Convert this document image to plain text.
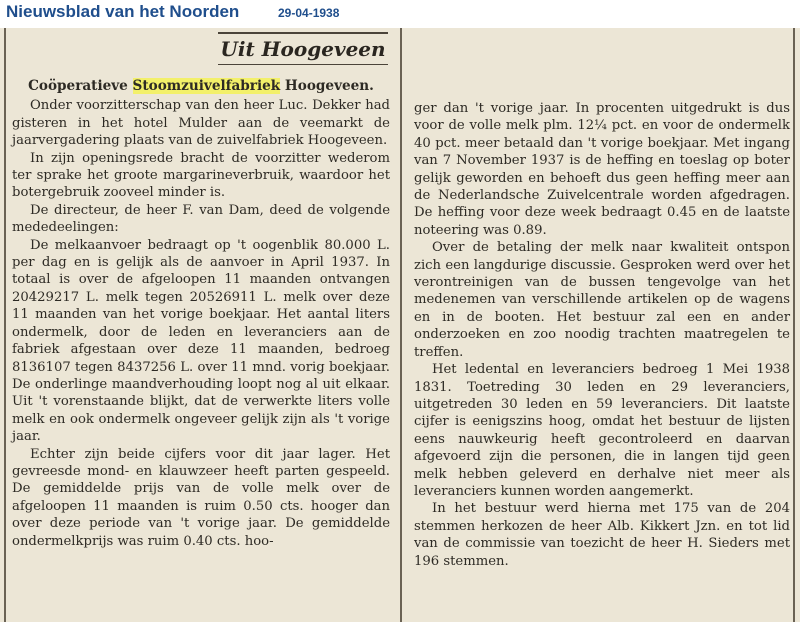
Nieuwsblad van het Noorden	29-04-1938
Uit Hoogeveen
Coöperatieve Stoomzuivelfabriek Hoogeveen.

Onder voorzitterschap van den heer Luc. Dekker had gisteren in het hotel Mulder aan de veemarkt de jaarvergadering plaats van de zuivelfabriek Hoogeveen.

In zijn openingsrede bracht de voorzitter wederom ter sprake het groote margarineverbruik, waardoor het botergebruik zooveel minder is.

De directeur, de heer F. van Dam, deed de volgende mededeelingen:

De melkaanvoer bedraagt op 't oogenblik 80.000 L. per dag en is gelijk als de aanvoer in April 1937. In totaal is over de afgeloopen 11 maanden ontvangen 20429217 L. melk tegen 20526911 L. melk over deze 11 maanden van het vorige boekjaar. Het aantal liters ondermelk, door de leden en leveranciers aan de fabriek afgestaan over deze 11 maanden, bedroeg 8136107 tegen 8437256 L. over 11 mnd. vorig boekjaar. De onderlinge maandverhouding loopt nog al uit elkaar. Uit 't vorenstaande blijkt, dat de verwerkte liters volle melk en ook ondermelk ongeveer gelijk zijn als 't vorige jaar.

Echter zijn beide cijfers voor dit jaar lager. Het gevreesde mond- en klauwzeer heeft parten gespeeld. De gemiddelde prijs van de volle melk over de afgeloopen 11 maanden is ruim 0.50 cts. hooger dan over deze periode van 't vorige jaar. De gemiddelde ondermelkprijs was ruim 0.40 cts. hoo-

ger dan 't vorige jaar. In procenten uitgedrukt is dus voor de volle melk plm. 12¼ pct. en voor de ondermelk 40 pct. meer betaald dan 't vorige boekjaar. Met ingang van 7 November 1937 is de heffing en toeslag op boter gelijk geworden en behoeft dus geen heffing meer aan de Nederlandsche Zuivelcentrale worden afgedragen. De heffing voor deze week bedraagt 0.45 en de laatste noteering was 0.89.

Over de betaling der melk naar kwaliteit ontspon zich een langdurige discussie. Gesproken werd over het verontreinigen van de bussen tengevolge van het medenemen van verschillende artikelen op de wagens en in de booten. Het bestuur zal een en ander onderzoeken en zoo noodig trachten maatregelen te treffen.

Het ledental en leveranciers bedroeg 1 Mei 1938 1831. Toetreding 30 leden en 29 leveranciers, uitgetreden 30 leden en 59 leveranciers. Dit laatste cijfer is eenigszins hoog, omdat het bestuur de lijsten eens nauwkeurig heeft gecontroleerd en daarvan afgevoerd zijn die personen, die in langen tijd geen melk hebben geleverd en derhalve niet meer als leveranciers kunnen worden aangemerkt.

In het bestuur werd hierna met 175 van de 204 stemmen herkozen de heer Alb. Kikkert Jzn. en tot lid van de commissie van toezicht de heer H. Sieders met 196 stemmen.
